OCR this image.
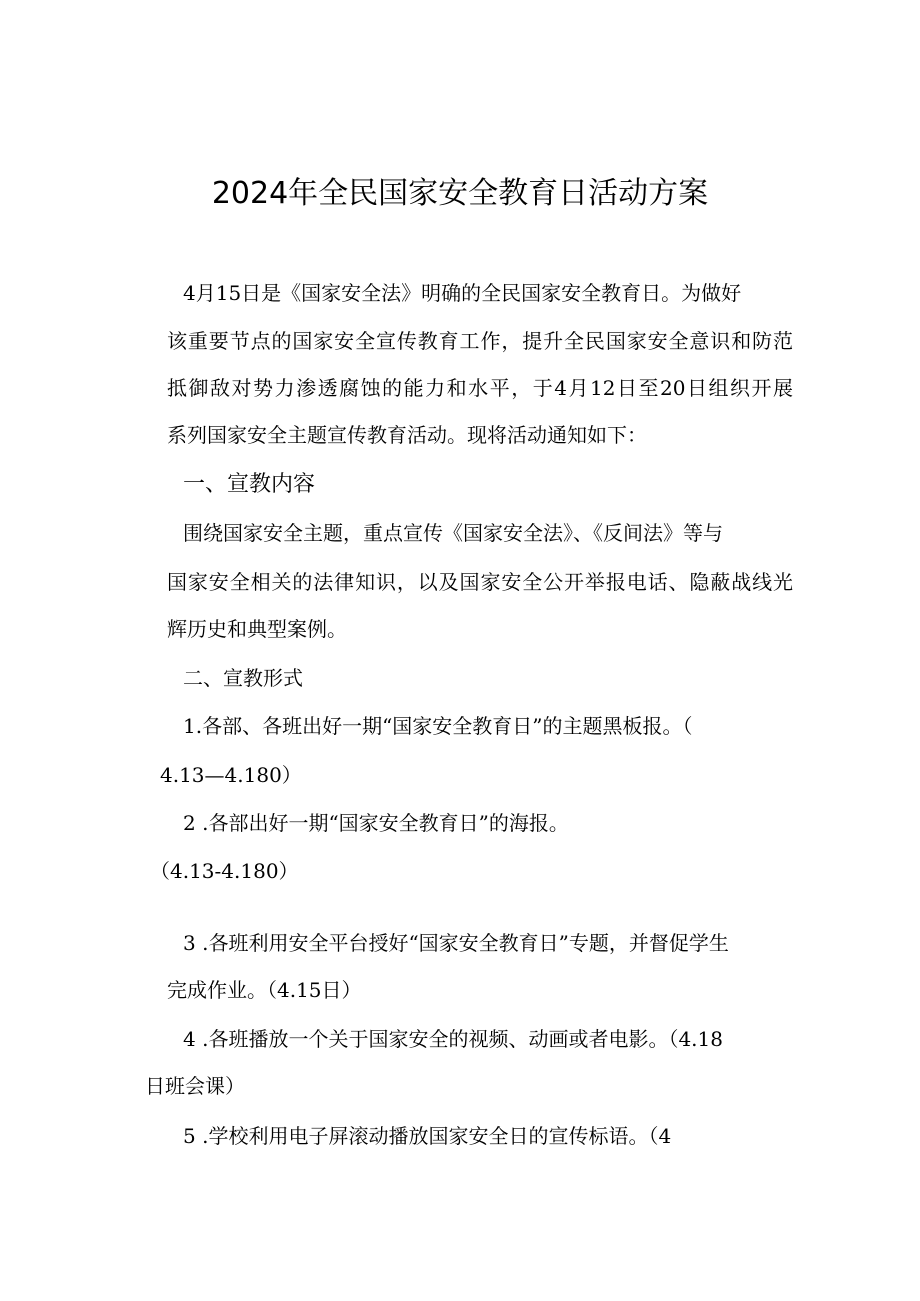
2024年全民国家安全教育日活动方案
4月15日是《国家安全法》明确的全民国家安全教育日。为做好
该重要节点的国家安全宣传教育工作，提升全民国家安全意识和防范
抵御敌对势力渗透腐蚀的能力和水平，于4月12日至20日组织开展
系列国家安全主题宣传教育活动。现将活动通知如下：
一、宣教内容
围绕国家安全主题，重点宣传《国家安全法》、《反间法》等与
国家安全相关的法律知识，以及国家安全公开举报电话、隐蔽战线光
辉历史和典型案例。
二、宣教形式
1.各部、各班出好一期“国家安全教育日”的主题黑板报。（
4.13—4.180）
2 .各部出好一期“国家安全教育日”的海报。
（4.13-4.180）
3 .各班利用安全平台授好“国家安全教育日”专题，并督促学生
完成作业。（4.15日）
4 .各班播放一个关于国家安全的视频、动画或者电影。（4.18
日班会课）
5 .学校利用电子屏滚动播放国家安全日的宣传标语。（4
